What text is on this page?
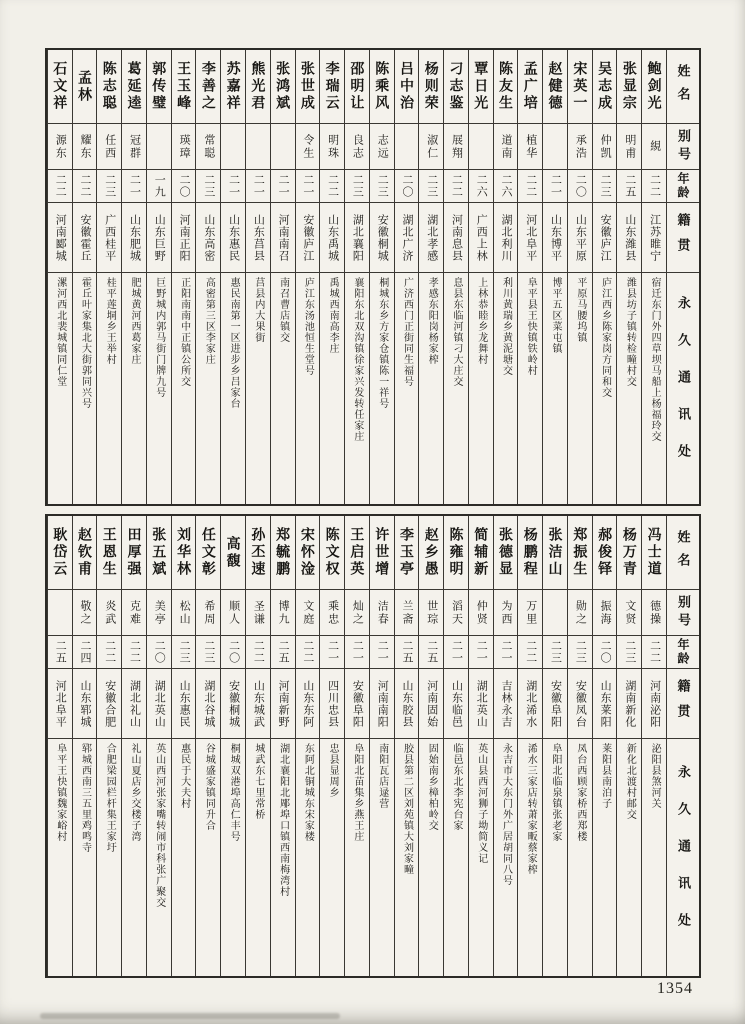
姓名
别号
年龄
籍贯
永久通讯处
鲍剑光
絸
二二
江苏睢宁
宿迁东门外四草坝马船上杨福玲交
张显宗
明甫
二五
山东潍县
潍县坊子镇转检疃村交
吴志成
仲凯
二三
安徽庐江
庐江西乡陈家岗方同和交
宋英一
承浩
二〇
山东平原
平原马腰坞镇
赵健德
二一
山东博平
博平五区菜屯镇
孟广培
植华
二二
河北阜平
阜平县王快镇铁岭村
陈友生
道南
二六
湖北利川
利川黄瑞乡黄泥塘交
覃日光
二六
广西上林
上林恭睦乡龙舞村
刁志鉴
展翔
二二
河南息县
息县东临河镇刁大庄交
杨则荣
淑仁
二三
湖北孝感
孝感东阳岗杨家榨
吕中治
二〇
湖北广济
广济西门正街同生福号
陈乘风
志远
二三
安徽桐城
桐城东乡方家仓镇陈一祥号
邵明让
良志
二三
湖北襄阳
襄阳东北双沟镇徐家兴发转任家庄
李瑞云
明珠
二二
山东禹城
禹城西南高李庄
张世成
令生
二一
安徽庐江
庐江东汤池恒生堂号
张鸿斌
二一
河南南召
南召曹店镇交
熊光君
二一
山东莒县
莒县内大果街
苏嘉祥
二一
山东惠民
惠民南第一区进步乡吕家台
李善之
常聪
二三
山东高密
高密第三区李家庄
王玉峰
瑛璋
二〇
河南正阳
正阳南南中正镇公所交
郭传璧
一九
山东巨野
巨野城内郭马街门牌九号
葛延逵
冠群
二一
山东肥城
肥城黄河西葛家庄
陈志聪
任西
二三
广西桂平
桂平莲垌乡王举村
孟林
耀东
二二
安徽霍丘
霍丘叶家集北大街郭同兴号
石文祥
源东
二二
河南郾城
漯河西北裴城镇同仁堂
姓名
别号
年龄
籍贯
永久通讯处
冯士道
德操
二二
河南泌阳
泌阳县煞河关
杨万青
文贤
二三
湖南新化
新化北渡村邮交
郝俊铎
振海
二〇
山东莱阳
莱阳县南泊子
郑振生
勋之
二三
安徽凤台
凤台西顾家桥西郑楼
张洁山
二三
安徽阜阳
阜阳北临泉镇张老家
杨鹏程
万里
二二
湖北浠水
浠水三家店转萧家畈蔡家榨
张德显
为西
二一
吉林永吉
永吉市大东门外广居胡同八号
简辅新
仲贤
二一
湖北英山
英山县西河狮子坳简义记
陈雍明
滔天
二一
山东临邑
临邑东北李宪台家
赵乡愚
世琮
二五
河南固始
固始南乡樟柏岭交
李玉亭
兰斋
二五
山东胶县
胶县第二区刘苑镇大刘家疃
许世增
洁春
二一
河南南阳
南阳瓦店逯营
王启英
灿之
二一
安徽阜阳
阜阳北苗集乡燕王庄
陈文权
乘忠
二一
四川忠县
忠县显周乡
宋怀淦
文庭
二二
山东东阿
东阿北铜城东宋家楼
郑毓鹏
博九
二五
河南新野
湖北襄阳北郮埠口镇西南梅湾村
孙丕速
圣谦
二二
山东城武
城武东七里常桥
高馥
顺人
二〇
安徽桐城
桐城双港埠高仁丰号
任文彰
希周
二三
湖北谷城
谷城盛家镇同升合
刘华林
松山
二三
山东惠民
惠民于大夫村
张五斌
美亭
二〇
湖北英山
英山西河张家嘴转闹市科张广聚交
田厚强
克难
二二
湖北礼山
礼山夏店乡交楼子湾
王恩生
炎武
二二
安徽合肥
合肥梁园栏杆集王家圩
赵钦甫
敬之
二四
山东郓城
郓城西南三五里鸡鸣寺
耿岱云
二五
河北阜平
阜平王快镇魏家峪村
1354
